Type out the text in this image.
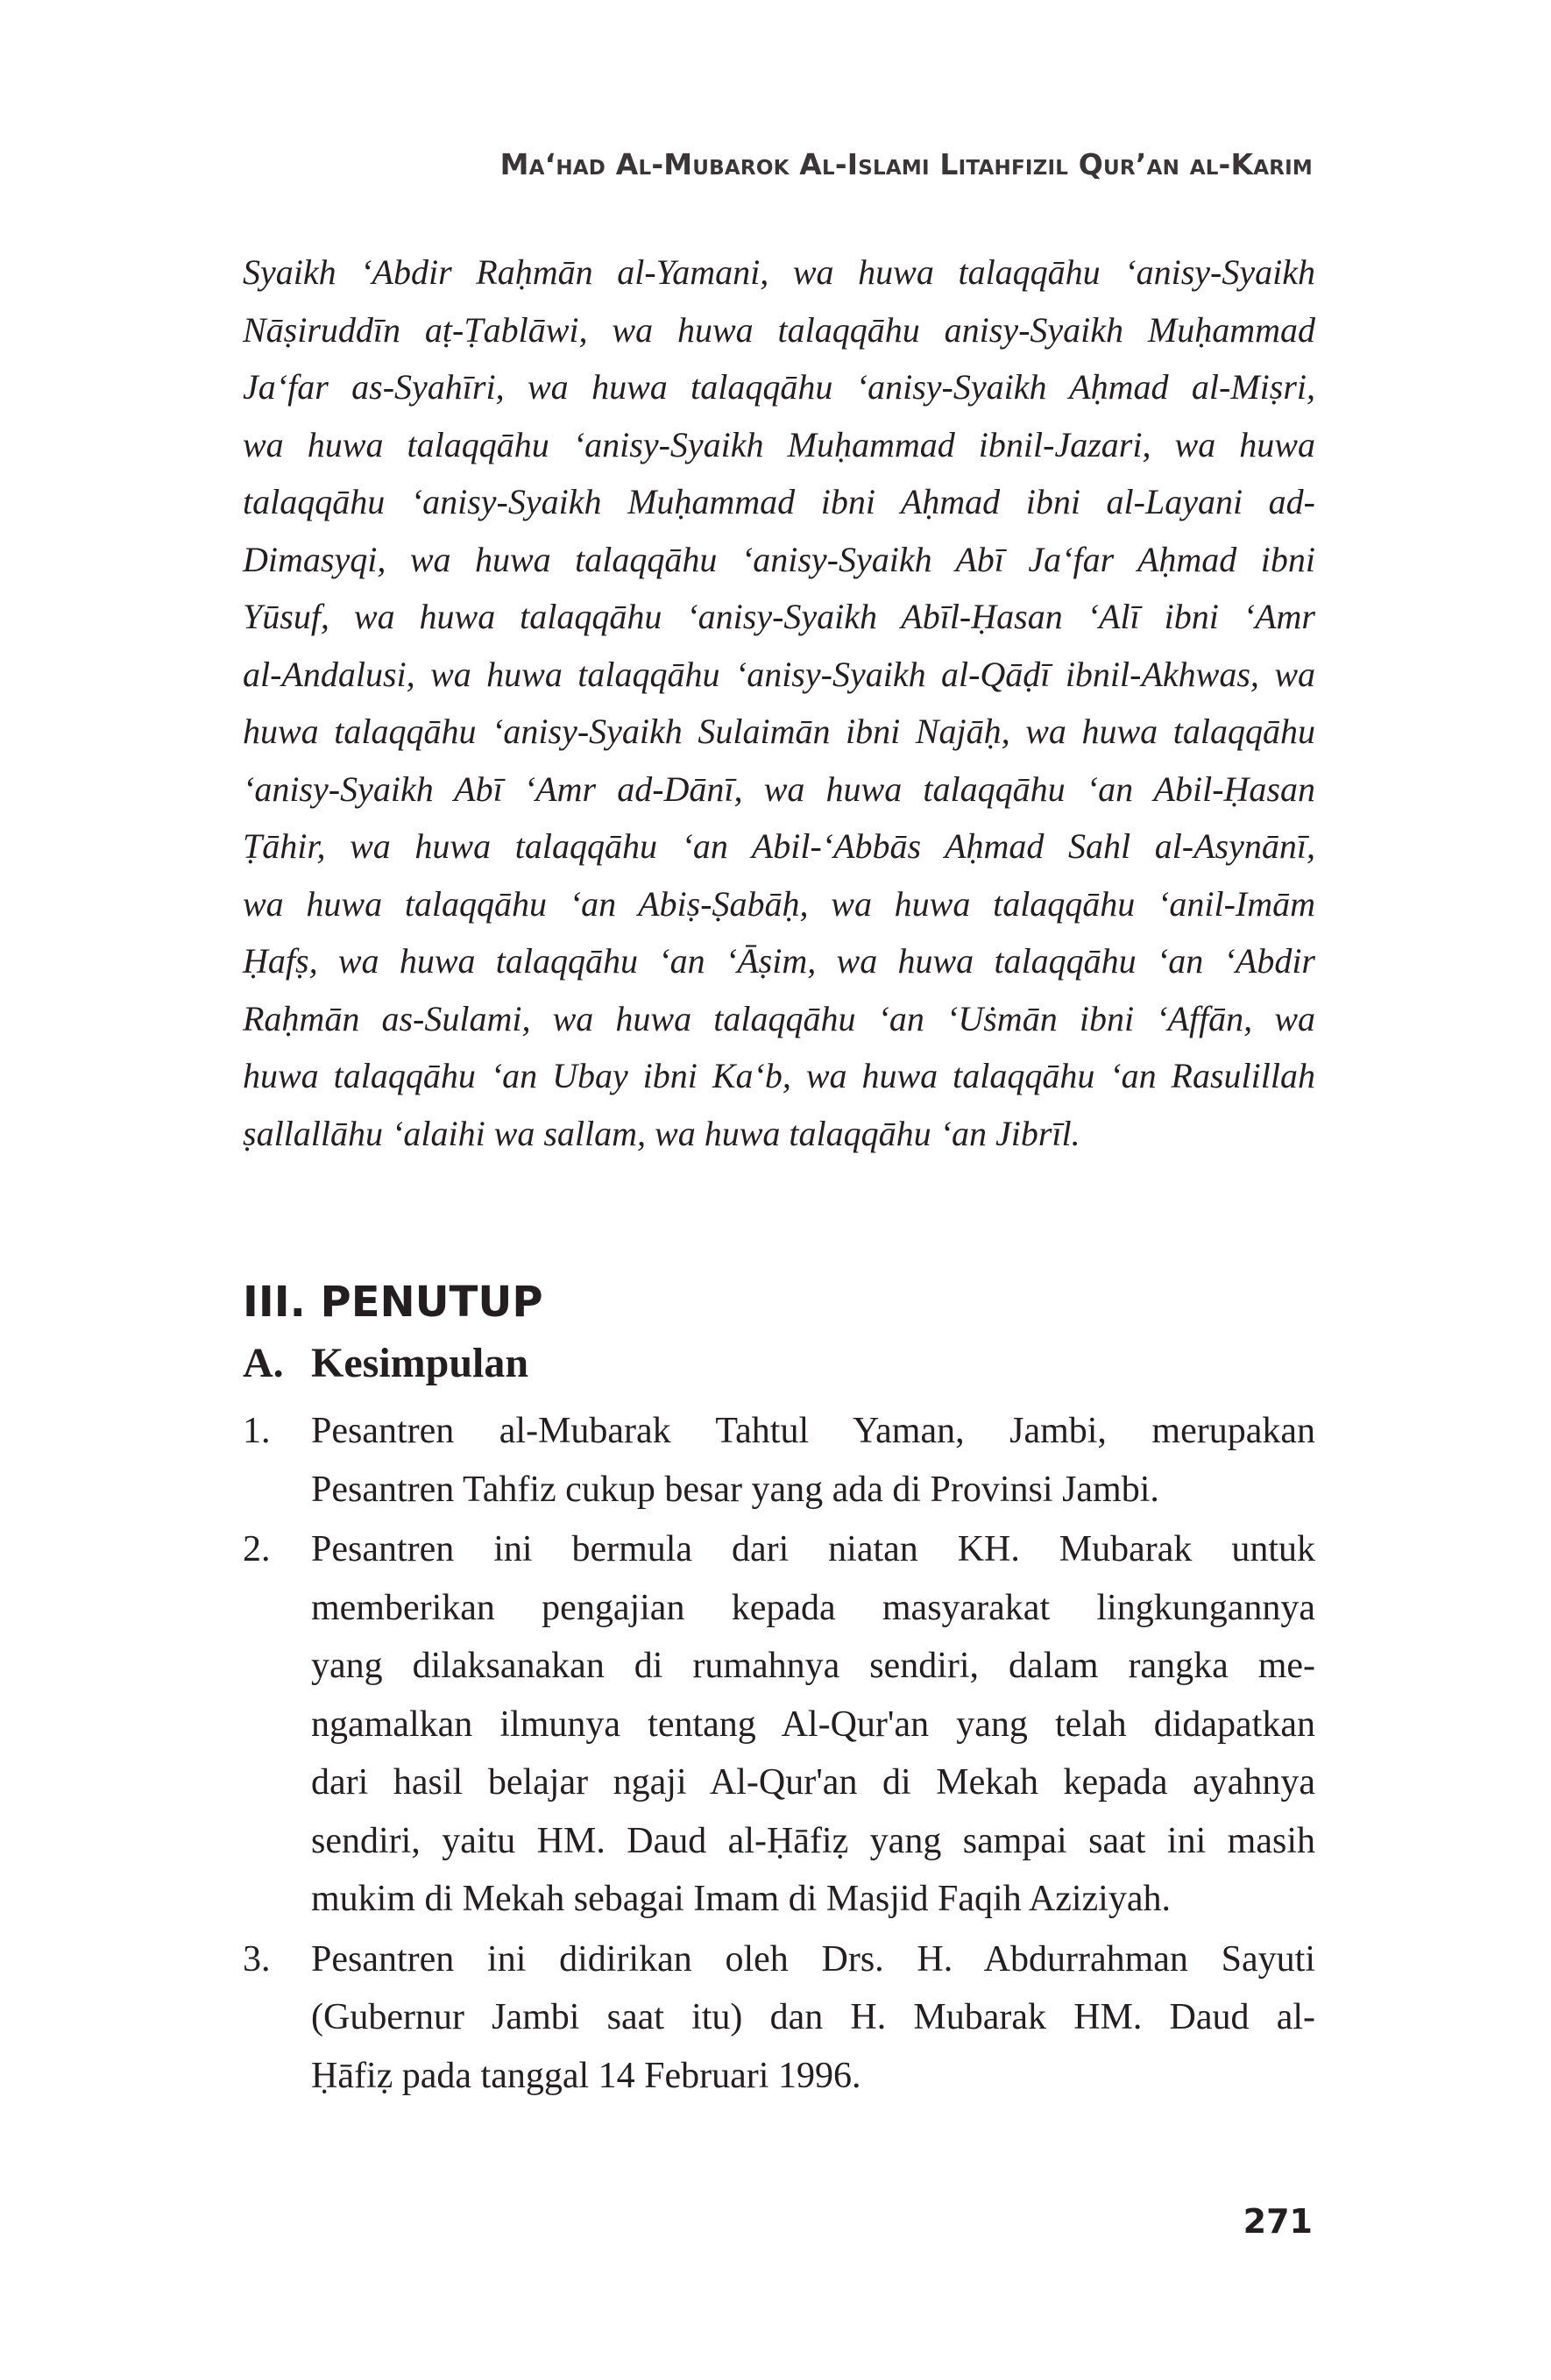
Ma‘had Al-Mubarok Al-Islami Litahfizil Qur’an al-Karim
Syaikh ‘Abdir Raḥmān al-Yamani, wa huwa talaqqāhu ‘anisy-Syaikh
Nāṣiruddīn aṭ-Ṭablāwi, wa huwa talaqqāhu anisy-Syaikh Muḥammad
Ja‘far as-Syahīri, wa huwa talaqqāhu ‘anisy-Syaikh Aḥmad al-Miṣri,
wa huwa talaqqāhu ‘anisy-Syaikh Muḥammad ibnil-Jazari, wa huwa
talaqqāhu ‘anisy-Syaikh Muḥammad ibni Aḥmad ibni al-Layani ad-
Dimasyqi, wa huwa talaqqāhu ‘anisy-Syaikh Abī Ja‘far Aḥmad ibni
Yūsuf, wa huwa talaqqāhu ‘anisy-Syaikh Abīl-Ḥasan ‘Alī ibni ‘Amr
al-Andalusi, wa huwa talaqqāhu ‘anisy-Syaikh al-Qāḍī ibnil-Akhwas, wa
huwa talaqqāhu ‘anisy-Syaikh Sulaimān ibni Najāḥ, wa huwa talaqqāhu
‘anisy-Syaikh Abī ‘Amr ad-Dānī, wa huwa talaqqāhu ‘an Abil-Ḥasan
Ṭāhir, wa huwa talaqqāhu ‘an Abil-‘Abbās Aḥmad Sahl al-Asynānī,
wa huwa talaqqāhu ‘an Abiṣ-Ṣabāḥ, wa huwa talaqqāhu ‘anil-Imām
Ḥafṣ, wa huwa talaqqāhu ‘an ‘Āṣim, wa huwa talaqqāhu ‘an ‘Abdir
Raḥmān as-Sulami, wa huwa talaqqāhu ‘an ‘Uṡmān ibni ‘Affān, wa
huwa talaqqāhu ‘an Ubay ibni Ka‘b, wa huwa talaqqāhu ‘an Rasulillah
ṣallallāhu ‘alaihi wa sallam, wa huwa talaqqāhu ‘an Jibrīl.
III. PENUTUP
A. Kesimpulan
1. Pesantren al-Mubarak Tahtul Yaman, Jambi, merupakan
Pesantren Tahfiz cukup besar yang ada di Provinsi Jambi.
2. Pesantren ini bermula dari niatan KH. Mubarak untuk
memberikan pengajian kepada masyarakat lingkungannya
yang dilaksanakan di rumahnya sendiri, dalam rangka me-
ngamalkan ilmunya tentang Al-Qur'an yang telah didapatkan
dari hasil belajar ngaji Al-Qur'an di Mekah kepada ayahnya
sendiri, yaitu HM. Daud al-Ḥāfiẓ yang sampai saat ini masih
mukim di Mekah sebagai Imam di Masjid Faqih Aziziyah.
3. Pesantren ini didirikan oleh Drs. H. Abdurrahman Sayuti
(Gubernur Jambi saat itu) dan H. Mubarak HM. Daud al-
Ḥāfiẓ pada tanggal 14 Februari 1996.
271
